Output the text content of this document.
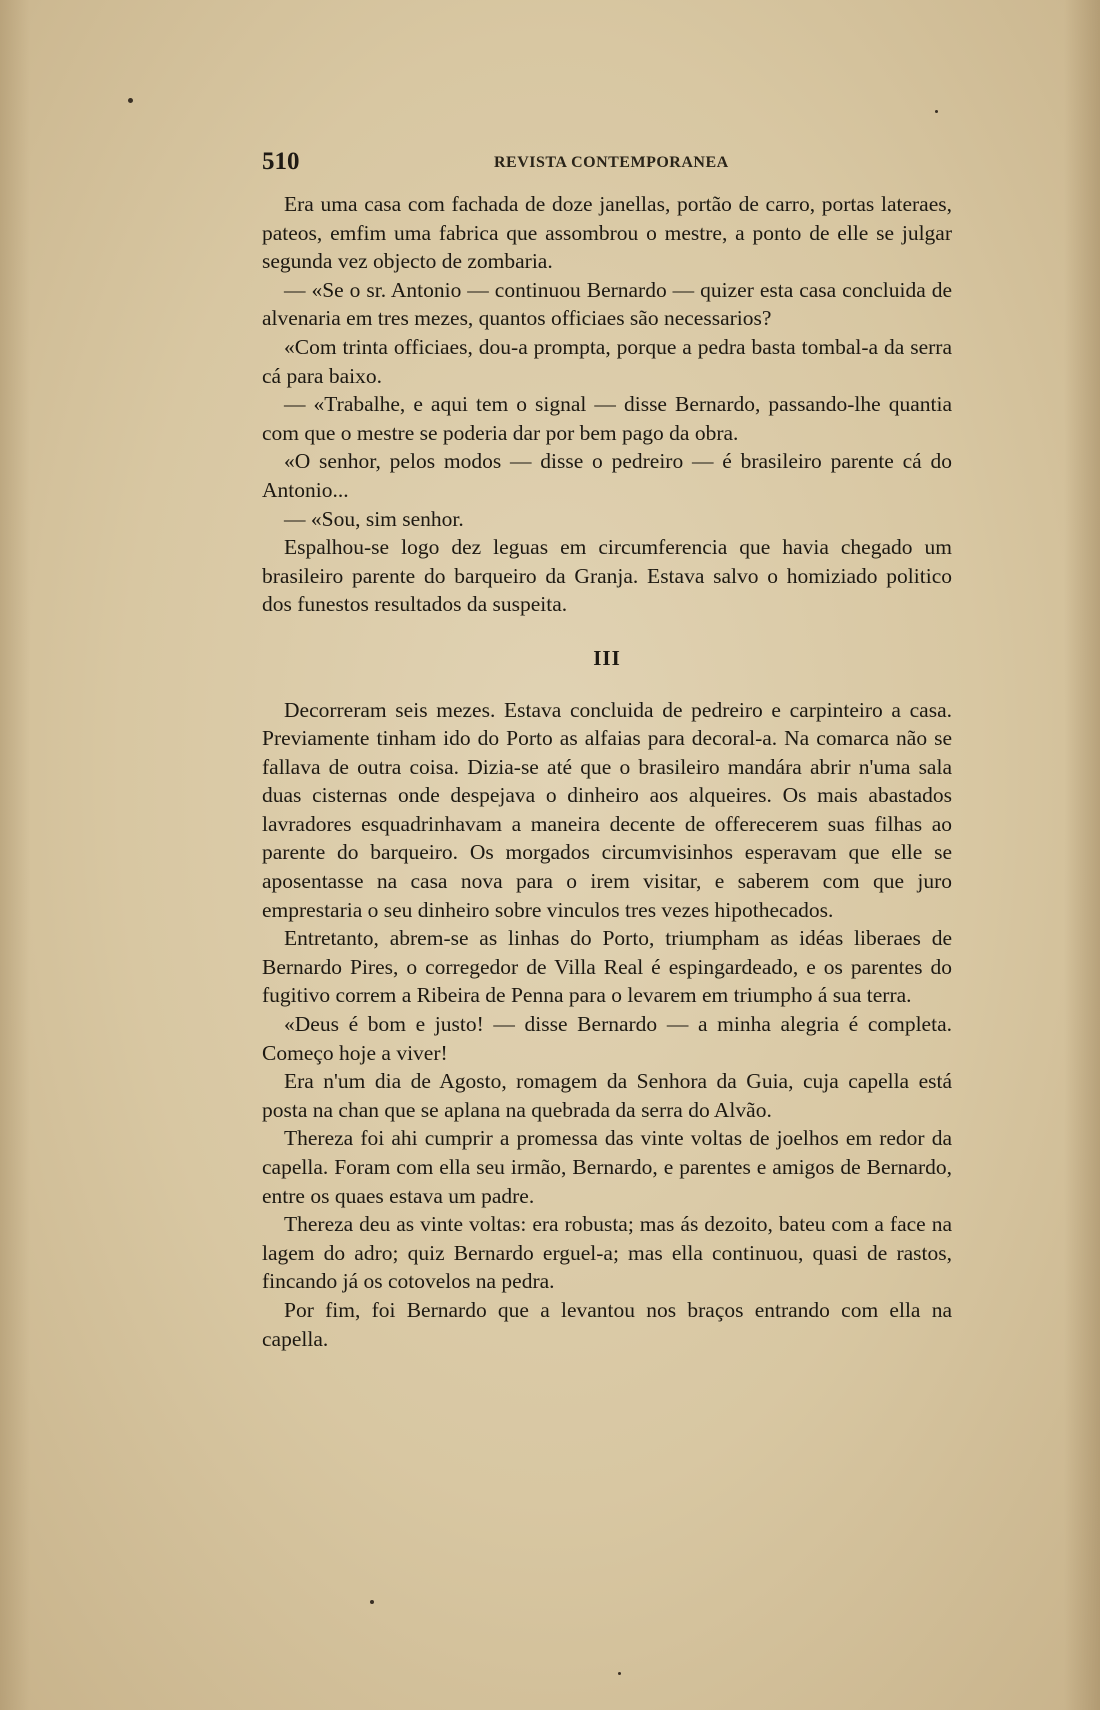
510	REVISTA CONTEMPORANEA

Era uma casa com fachada de doze janellas, portão de carro, portas lateraes, pateos, emfim uma fabrica que assombrou o mestre, a ponto de elle se julgar segunda vez objecto de zombaria.

— «Se o sr. Antonio — continuou Bernardo — quizer esta casa concluida de alvenaria em tres mezes, quantos officiaes são necessarios?

«Com trinta officiaes, dou-a prompta, porque a pedra basta tombal-a da serra cá para baixo.

— «Trabalhe, e aqui tem o signal — disse Bernardo, passando-lhe quantia com que o mestre se poderia dar por bem pago da obra.

«O senhor, pelos modos — disse o pedreiro — é brasileiro parente cá do Antonio...

— «Sou, sim senhor.

Espalhou-se logo dez leguas em circumferencia que havia chegado um brasileiro parente do barqueiro da Granja. Estava salvo o homiziado politico dos funestos resultados da suspeita.

III

Decorreram seis mezes. Estava concluida de pedreiro e carpinteiro a casa. Previamente tinham ido do Porto as alfaias para decoral-a. Na comarca não se fallava de outra coisa. Dizia-se até que o brasileiro mandára abrir n'uma sala duas cisternas onde despejava o dinheiro aos alqueires. Os mais abastados lavradores esquadrinhavam a maneira decente de offerecerem suas filhas ao parente do barqueiro. Os morgados circumvisinhos esperavam que elle se aposentasse na casa nova para o irem visitar, e saberem com que juro emprestaria o seu dinheiro sobre vinculos tres vezes hipothecados.

Entretanto, abrem-se as linhas do Porto, triumpham as idéas liberaes de Bernardo Pires, o corregedor de Villa Real é espingardeado, e os parentes do fugitivo correm a Ribeira de Penna para o levarem em triumpho á sua terra.

«Deus é bom e justo! — disse Bernardo — a minha alegria é completa. Começo hoje a viver!

Era n'um dia de Agosto, romagem da Senhora da Guia, cuja capella está posta na chan que se aplana na quebrada da serra do Alvão.

Thereza foi ahi cumprir a promessa das vinte voltas de joelhos em redor da capella. Foram com ella seu irmão, Bernardo, e parentes e amigos de Bernardo, entre os quaes estava um padre.

Thereza deu as vinte voltas: era robusta; mas ás dezoito, bateu com a face na lagem do adro; quiz Bernardo erguel-a; mas ella continuou, quasi de rastos, fincando já os cotovelos na pedra.

Por fim, foi Bernardo que a levantou nos braços entrando com ella na capella.
